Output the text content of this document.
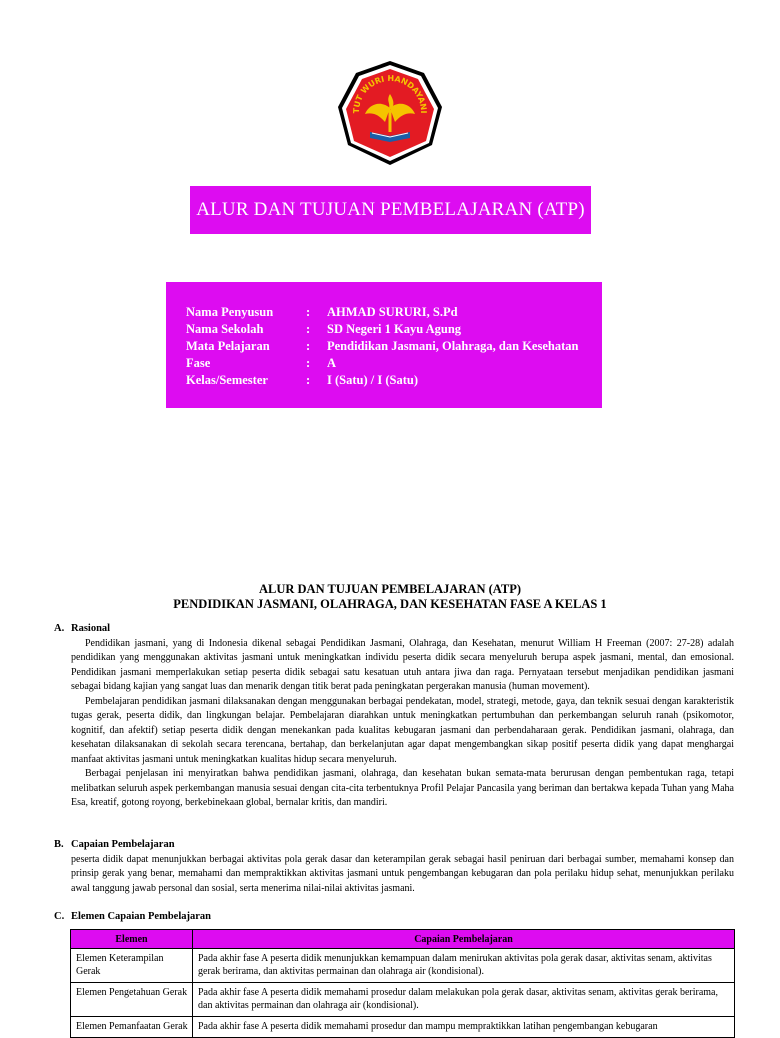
TUT WURI HANDAYANI
ALUR DAN TUJUAN PEMBELAJARAN (ATP)
Nama Penyusun	:	AHMAD SURURI, S.Pd
Nama Sekolah	:	SD Negeri 1 Kayu Agung
Mata Pelajaran	:	Pendidikan Jasmani, Olahraga, dan Kesehatan
Fase	:	A
Kelas/Semester	:	I (Satu) / I (Satu)
ALUR DAN TUJUAN PEMBELAJARAN (ATP)
PENDIDIKAN JASMANI, OLAHRAGA, DAN KESEHATAN FASE A KELAS 1
A. Rasional

Pendidikan jasmani, yang di Indonesia dikenal sebagai Pendidikan Jasmani, Olahraga, dan Kesehatan, menurut William H Freeman (2007: 27-28) adalah pendidikan yang menggunakan aktivitas jasmani untuk meningkatkan individu peserta didik secara menyeluruh berupa aspek jasmani, mental, dan emosional. Pendidikan jasmani memperlakukan setiap peserta didik sebagai satu kesatuan utuh antara jiwa dan raga. Pernyataan tersebut menjadikan pendidikan jasmani sebagai bidang kajian yang sangat luas dan menarik dengan titik berat pada peningkatan pergerakan manusia (human movement).

Pembelajaran pendidikan jasmani dilaksanakan dengan menggunakan berbagai pendekatan, model, strategi, metode, gaya, dan teknik sesuai dengan karakteristik tugas gerak, peserta didik, dan lingkungan belajar. Pembelajaran diarahkan untuk meningkatkan pertumbuhan dan perkembangan seluruh ranah (psikomotor, kognitif, dan afektif) setiap peserta didik dengan menekankan pada kualitas kebugaran jasmani dan perbendaharaan gerak. Pendidikan jasmani, olahraga, dan kesehatan dilaksanakan di sekolah secara terencana, bertahap, dan berkelanjutan agar dapat mengembangkan sikap positif peserta didik yang dapat menghargai manfaat aktivitas jasmani untuk meningkatkan kualitas hidup secara menyeluruh.

Berbagai penjelasan ini menyiratkan bahwa pendidikan jasmani, olahraga, dan kesehatan bukan semata-mata berurusan dengan pembentukan raga, tetapi melibatkan seluruh aspek perkembangan manusia sesuai dengan cita-cita terbentuknya Profil Pelajar Pancasila yang beriman dan bertakwa kepada Tuhan yang Maha Esa, kreatif, gotong royong, berkebinekaan global, bernalar kritis, dan mandiri.

B. Capaian Pembelajaran

peserta didik dapat menunjukkan berbagai aktivitas pola gerak dasar dan keterampilan gerak sebagai hasil peniruan dari berbagai sumber, memahami konsep dan prinsip gerak yang benar, memahami dan mempraktikkan aktivitas jasmani untuk pengembangan kebugaran dan pola perilaku hidup sehat, menunjukkan perilaku awal tanggung jawab personal dan sosial, serta menerima nilai-nilai aktivitas jasmani.

C. Elemen Capaian Pembelajaran
Elemen	Capaian Pembelajaran
Elemen Keterampilan Gerak	Pada akhir fase A peserta didik menunjukkan kemampuan dalam menirukan aktivitas pola gerak dasar, aktivitas senam, aktivitas gerak berirama, dan aktivitas permainan dan olahraga air (kondisional).
Elemen Pengetahuan Gerak	Pada akhir fase A peserta didik memahami prosedur dalam melakukan pola gerak dasar, aktivitas senam, aktivitas gerak berirama, dan aktivitas permainan dan olahraga air (kondisional).
Elemen Pemanfaatan Gerak	Pada akhir fase A peserta didik memahami prosedur dan mampu mempraktikkan latihan pengembangan kebugaran
